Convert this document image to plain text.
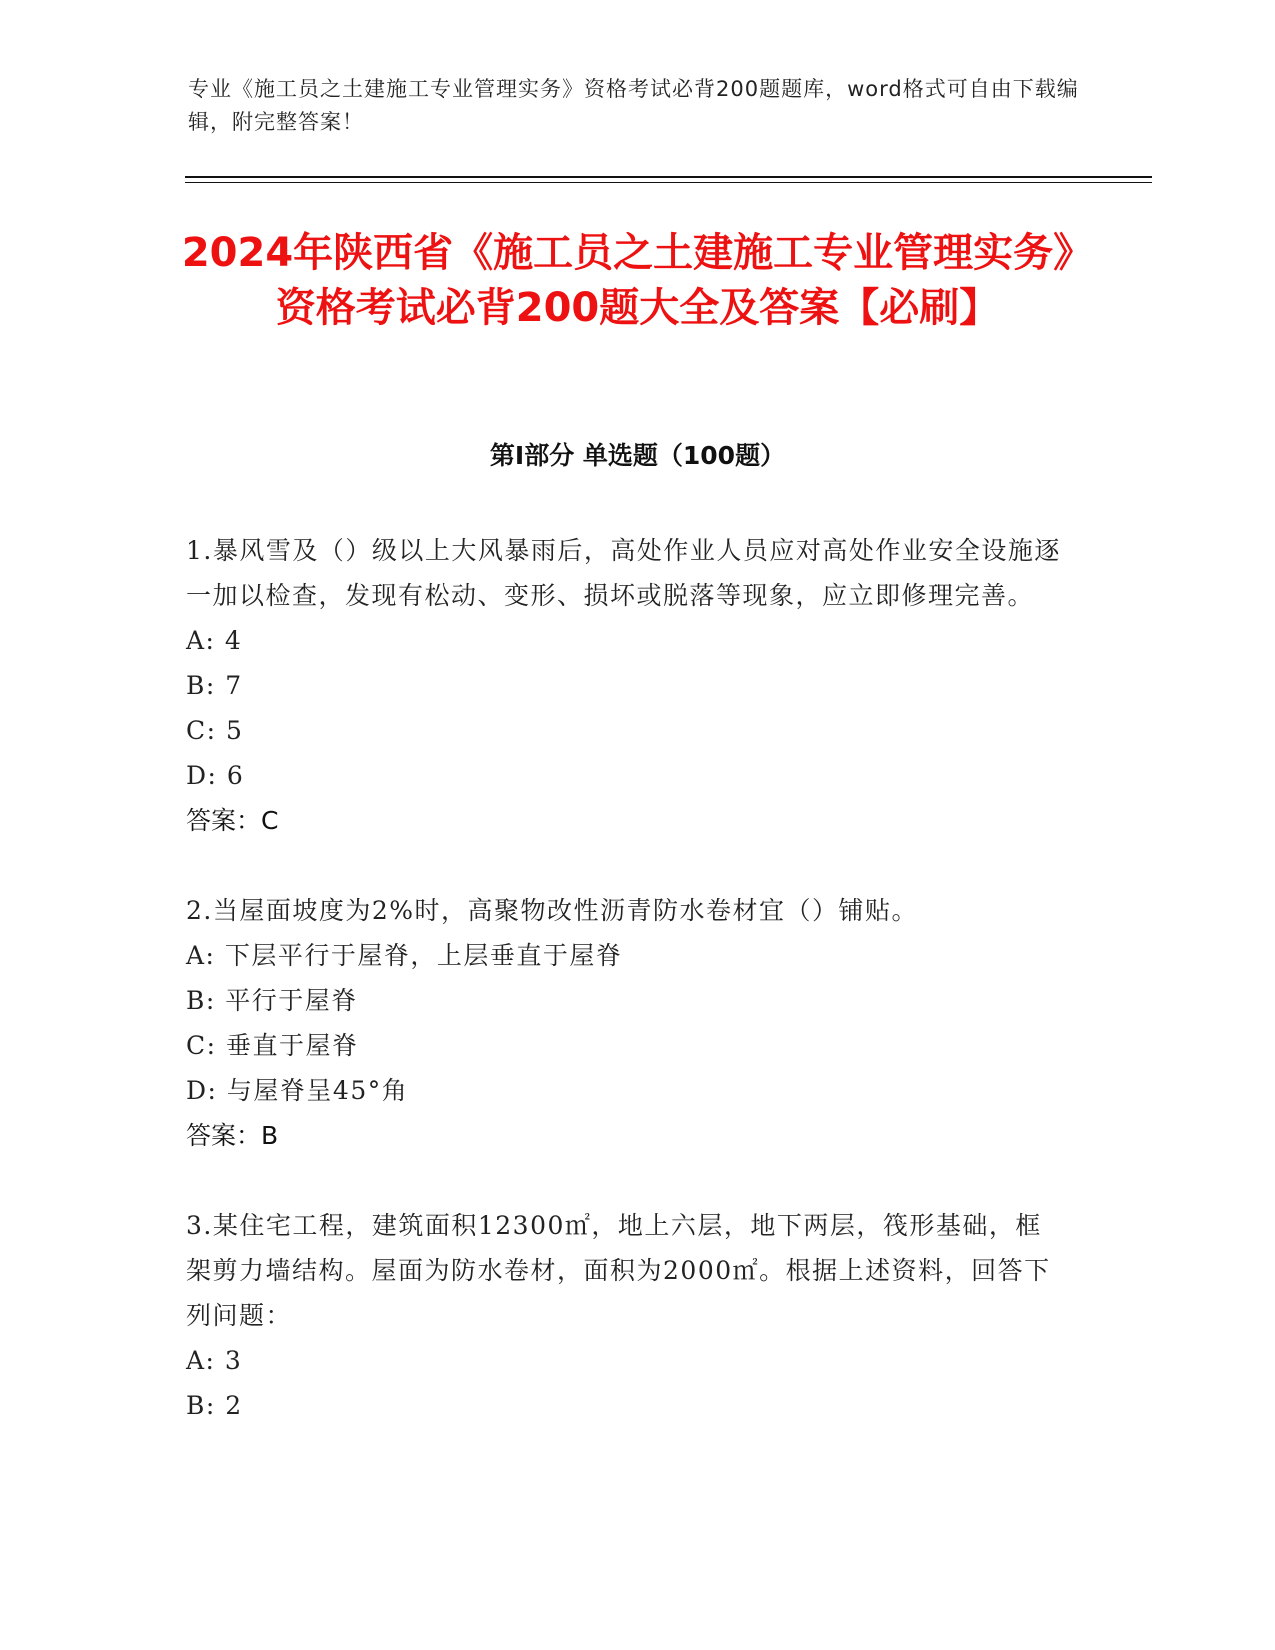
专业《施工员之土建施工专业管理实务》资格考试必背200题题库，word格式可自由下载编辑，附完整答案！
2024年陕西省《施工员之土建施工专业管理实务》资格考试必背200题大全及答案【必刷】
第I部分 单选题（100题）
1.暴风雪及（）级以上大风暴雨后，高处作业人员应对高处作业安全设施逐一加以检查，发现有松动、变形、损坏或脱落等现象，应立即修理完善。
A: 4
B: 7
C: 5
D: 6
答案：C
2.当屋面坡度为2%时，高聚物改性沥青防水卷材宜（）铺贴。
A: 下层平行于屋脊，上层垂直于屋脊
B: 平行于屋脊
C: 垂直于屋脊
D: 与屋脊呈45°角
答案：B
3.某住宅工程，建筑面积12300㎡，地上六层，地下两层，筏形基础，框架剪力墙结构。屋面为防水卷材，面积为2000㎡。根据上述资料，回答下列问题：
A: 3
B: 2
